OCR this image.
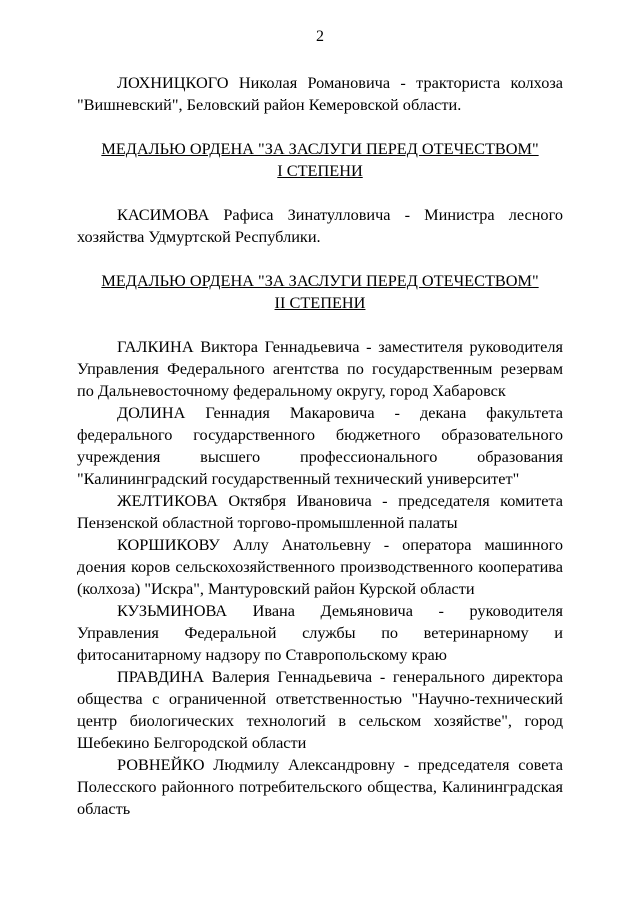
2

ЛОХНИЦКОГО Николая Романовича - тракториста колхоза "Вишневский", Беловский район Кемеровской области.

МЕДАЛЬЮ ОРДЕНА "ЗА ЗАСЛУГИ ПЕРЕД ОТЕЧЕСТВОМ"

I СТЕПЕНИ

КАСИМОВА Рафиса Зинатулловича - Министра лесного хозяйства Удмуртской Республики.

МЕДАЛЬЮ ОРДЕНА "ЗА ЗАСЛУГИ ПЕРЕД ОТЕЧЕСТВОМ"

II СТЕПЕНИ

ГАЛКИНА Виктора Геннадьевича - заместителя руководителя Управления Федерального агентства по государственным резервам по Дальневосточному федеральному округу, город Хабаровск

ДОЛИНА Геннадия Макаровича - декана факультета федерального государственного бюджетного образовательного учреждения высшего профессионального образования "Калининградский государственный технический университет"

ЖЕЛТИКОВА Октября Ивановича - председателя комитета Пензенской областной торгово-промышленной палаты

КОРШИКОВУ Аллу Анатольевну - оператора машинного доения коров сельскохозяйственного производственного кооператива (колхоза) "Искра", Мантуровский район Курской области

КУЗЬМИНОВА Ивана Демьяновича - руководителя Управления Федеральной службы по ветеринарному и фитосанитарному надзору по Ставропольскому краю

ПРАВДИНА Валерия Геннадьевича - генерального директора общества с ограниченной ответственностью "Научно-технический центр биологических технологий в сельском хозяйстве", город Шебекино Белгородской области

РОВНЕЙКО Людмилу Александровну - председателя совета Полесского районного потребительского общества, Калининградская область
